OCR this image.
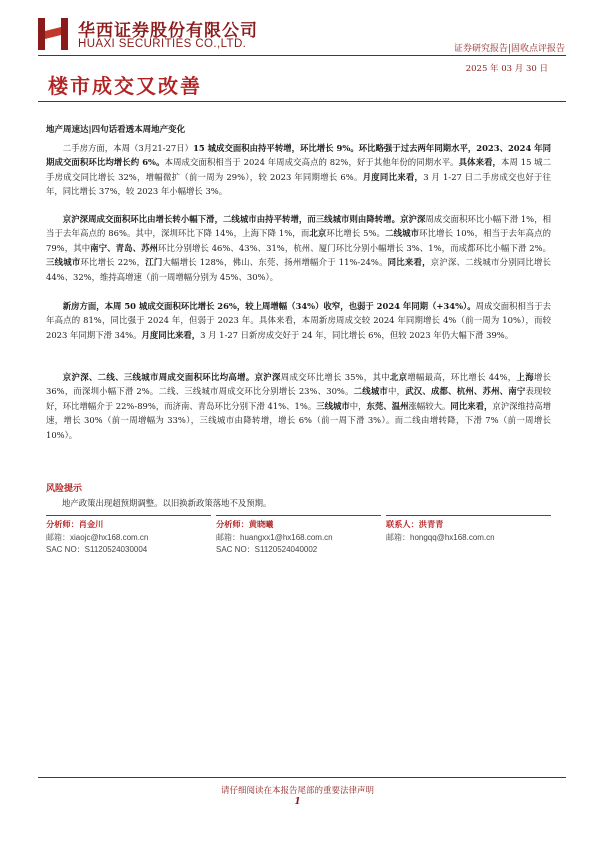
华西证券股份有限公司
HUAXI SECURITIES CO.,LTD.	证券研究报告|固收点评报告
2025 年 03 月 30 日
楼市成交又改善
地产周速达|四句话看透本周地产变化
二手房方面，本周（3月21-27日）15 城成交面积由持平转增，环比增长 9%。环比略强于过去两年同期水平，2023、2024 年同期成交面积环比均增长约 6%。本周成交面积相当于 2024 年周成交高点的 82%，好于其他年份的同期水平。具体来看，本周 15 城二手房成交同比增长 32%，增幅微扩（前一周为 29%），较 2023 年同期增长 6%。月度同比来看，3 月 1-27 日二手房成交也好于往年，同比增长 37%，较 2023 年小幅增长 3%。
京沪深周成交面积环比由增长转小幅下滑，二线城市由持平转增，而三线城市则由降转增。京沪深周成交面积环比小幅下滑 1%，相当于去年高点的 86%。其中，深圳环比下降 14%，上海下降 1%，而北京环比增长 5%。二线城市环比增长 10%，相当于去年高点的 79%，其中南宁、青岛、苏州环比分别增长 46%、43%、31%，杭州、厦门环比分别小幅增长 3%、1%，而成都环比小幅下滑 2%。三线城市环比增长 22%，江门大幅增长 128%，佛山、东莞、扬州增幅介于 11%-24%。同比来看，京沪深、二线城市分别同比增长 44%、32%，维持高增速（前一周增幅分别为 45%、30%）。
新房方面，本周 50 城成交面积环比增长 26%，较上周增幅（34%）收窄，也弱于 2024 年同期（+34%）。周成交面积相当于去年高点的 81%，同比强于 2024 年，但弱于 2023 年。具体来看，本周新房周成交较 2024 年同期增长 4%（前一周为 10%），而较 2023 年同期下滑 34%。月度同比来看，3 月 1-27 日新房成交好于 24 年，同比增长 6%，但较 2023 年仍大幅下滑 39%。
京沪深、二线、三线城市周成交面积环比均高增。京沪深周成交环比增长 35%，其中北京增幅最高，环比增长 44%，上海增长 36%，而深圳小幅下滑 2%。二线、三线城市周成交环比分别增长 23%、30%。二线城市中，武汉、成都、杭州、苏州、南宁表现较好，环比增幅介于 22%-89%，而济南、青岛环比分别下滑 41%、1%。三线城市中，东莞、温州涨幅较大。同比来看，京沪深维持高增速，增长 30%（前一周增幅为 33%），三线城市由降转增，增长 6%（前一周下滑 3%）。而二线由增转降，下滑 7%（前一周增长 10%）。
风险提示
地产政策出现超预期调整。以旧换新政策落地不及预期。
分析师：肖金川
邮箱：xiaojc@hx168.com.cn
SAC NO：S1120524030004
分析师：黄晓曦
邮箱：huangxx1@hx168.com.cn
SAC NO：S1120524040002
联系人：洪青青
邮箱：hongqq@hx168.com.cn
请仔细阅读在本报告尾部的重要法律声明
1
